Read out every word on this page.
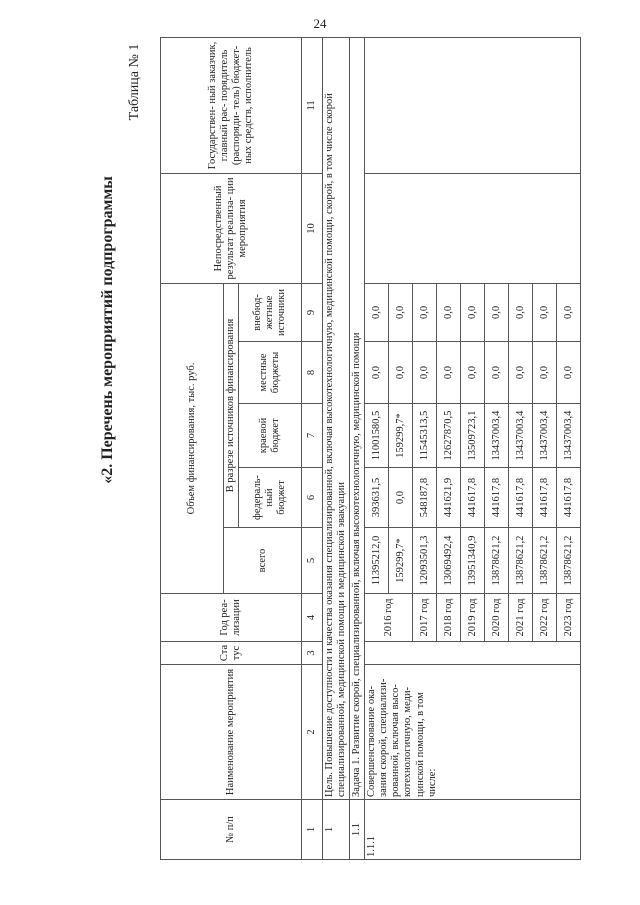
24
«2. Перечень мероприятий подпрограммы
Таблица № 1
№ п/п	Наименование мероприятия	Ста тус	Год реа- лизации	Объем финансирования, тыс. руб.					Непосредственный результат реализа- ции мероприятия	Государствен- ный заказчик, главный рас- порядитель (распоряди- тель) бюджет- ных средств, исполнитель
				всего	В разрезе источников финансирования					
					федераль- ный бюджет	краевой бюджет	местные бюджеты	внебюд- жетные источники		
1	2	3	4	5	6	7	8	9	10	11
1	Цель. Повышение доступности и качества оказания специализированной, включая высокотехнологичную, медицинской помощи, скорой, в том числе скорой специализированной, медицинской помощи и медицинской эвакуации									
1.1	Задача 1. Развитие скорой, специализированной, включая высокотехнологичную, медицинской помощи									
1.1.1	Совершенствование ока- зания скорой, специализи- рованной, включая высо- котехнологичную, меди- цинской помощи, в том числе:		2016 год	11395212,0	393631,5	11001580,5	0,0	0,0		
				159299,7*	0,0	159299,7*	0,0	0,0		
			2017 год	12093501,3	548187,8	11545313,5	0,0	0,0		
			2018 год	13069492,4	441621,9	12627870,5	0,0	0,0		
			2019 год	13951340,9	441617,8	13509723,1	0,0	0,0		
			2020 год	13878621,2	441617,8	13437003,4	0,0	0,0		
			2021 год	13878621,2	441617,8	13437003,4	0,0	0,0		
			2022 год	13878621,2	441617,8	13437003,4	0,0	0,0		
			2023 год	13878621,2	441617,8	13437003,4	0,0	0,0		
